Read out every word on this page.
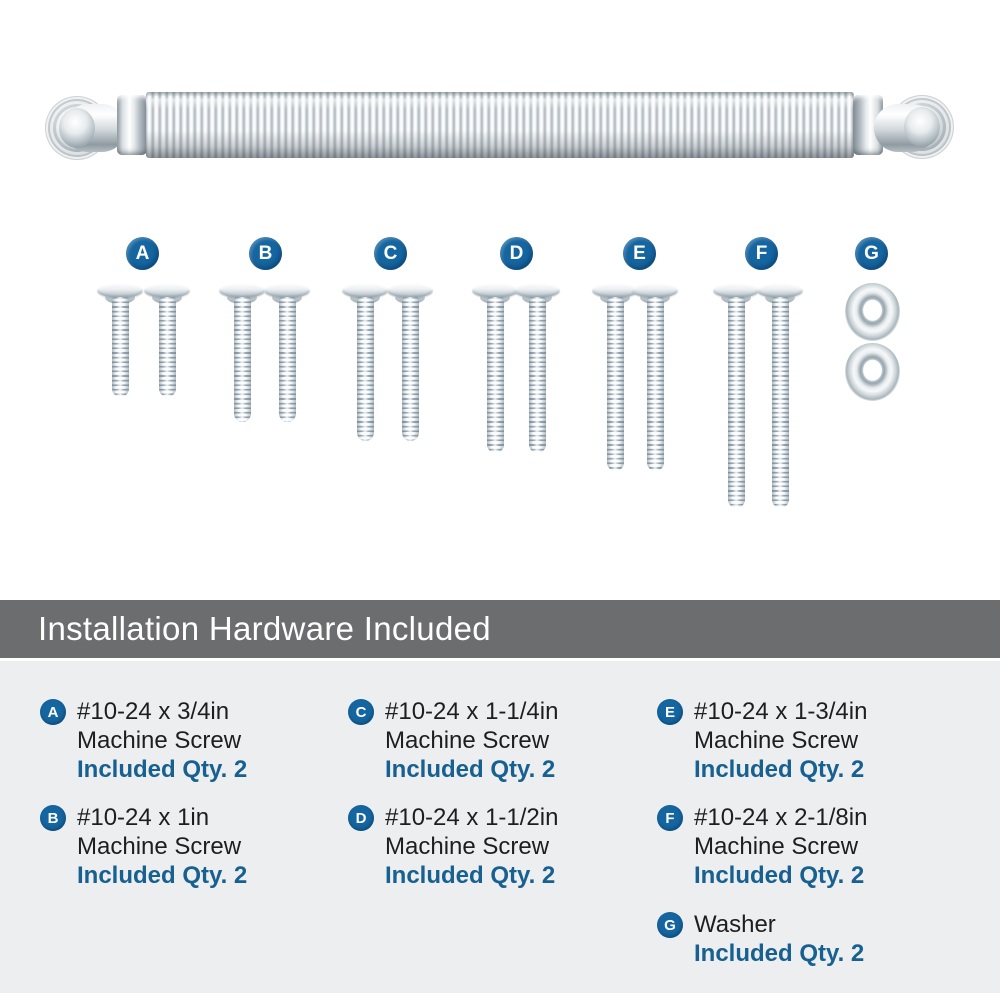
A	B	C	D	E	F	G
Installation Hardware Included
A #10-24 x 3/4in
Machine Screw
Included Qty. 2
B #10-24 x 1in
Machine Screw
Included Qty. 2
C #10-24 x 1-1/4in
Machine Screw
Included Qty. 2
D #10-24 x 1-1/2in
Machine Screw
Included Qty. 2
E #10-24 x 1-3/4in
Machine Screw
Included Qty. 2
F #10-24 x 2-1/8in
Machine Screw
Included Qty. 2
G Washer
Included Qty. 2
